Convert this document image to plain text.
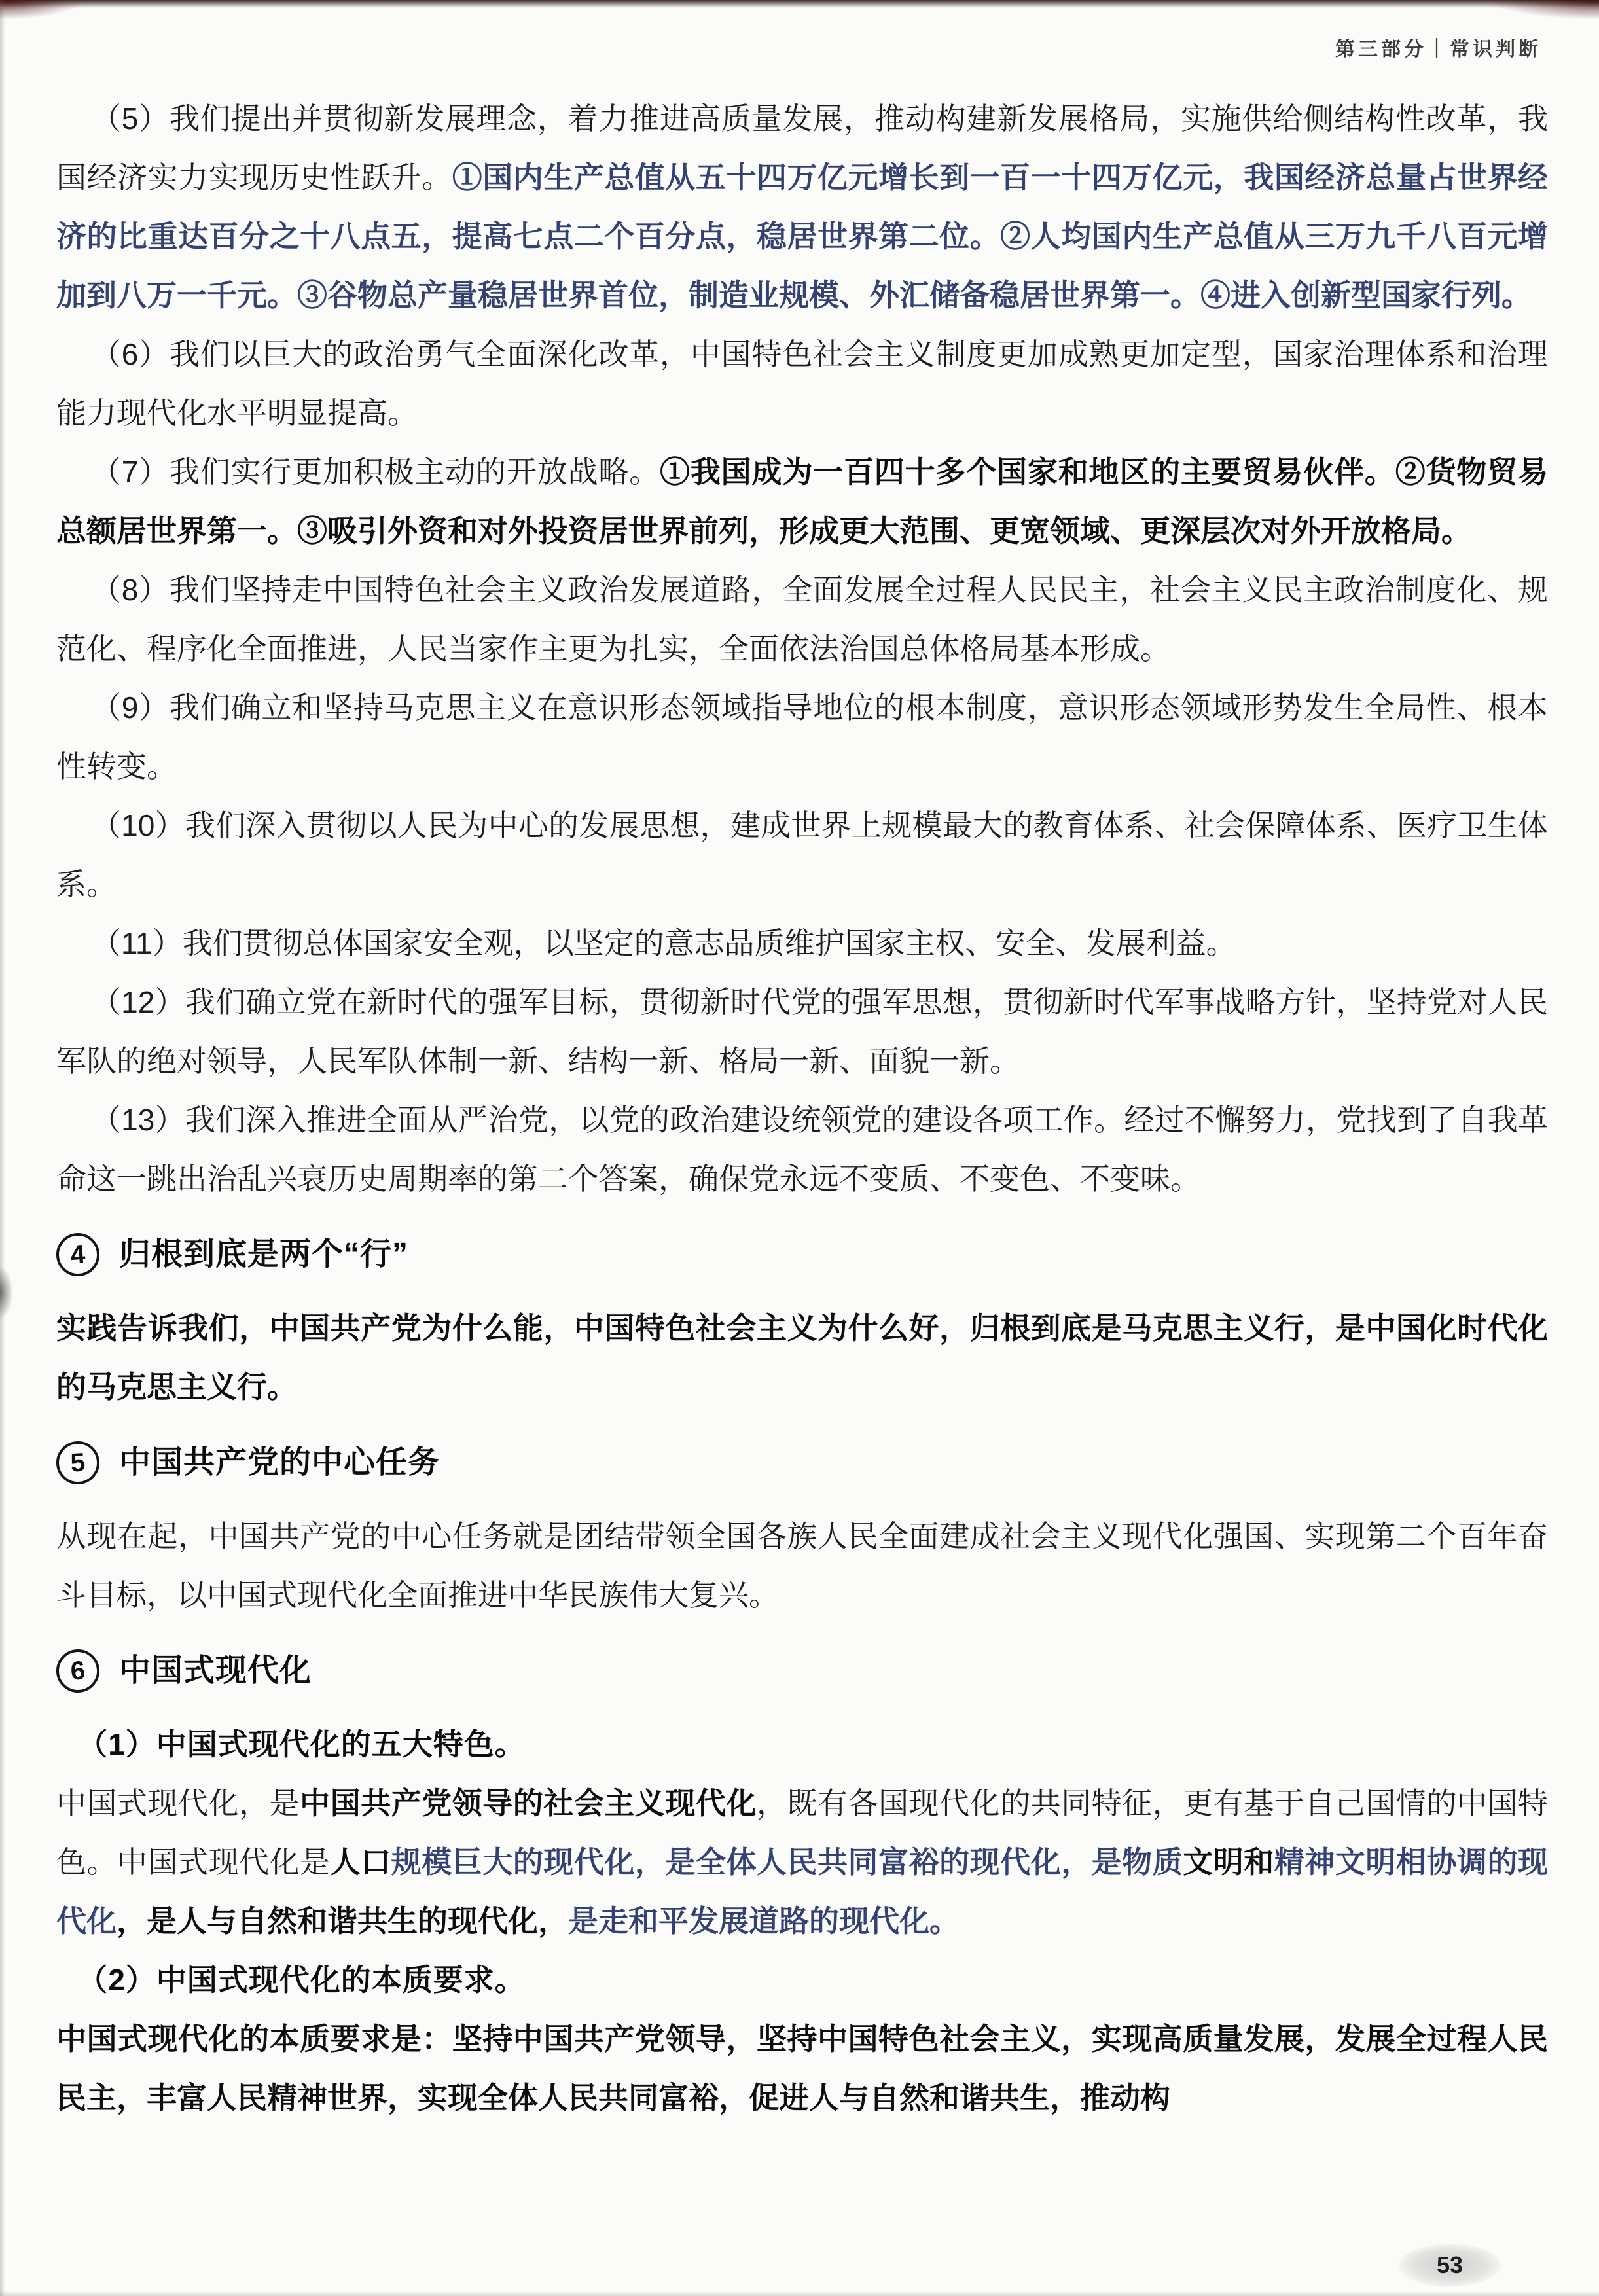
第三部分｜常识判断

（5）我们提出并贯彻新发展理念，着力推进高质量发展，推动构建新发展格局，实施供给侧结构性改革，我国经济实力实现历史性跃升。①国内生产总值从五十四万亿元增长到一百一十四万亿元，我国经济总量占世界经济的比重达百分之十八点五，提高七点二个百分点，稳居世界第二位。②人均国内生产总值从三万九千八百元增加到八万一千元。③谷物总产量稳居世界首位，制造业规模、外汇储备稳居世界第一。④进入创新型国家行列。

（6）我们以巨大的政治勇气全面深化改革，中国特色社会主义制度更加成熟更加定型，国家治理体系和治理能力现代化水平明显提高。

（7）我们实行更加积极主动的开放战略。①我国成为一百四十多个国家和地区的主要贸易伙伴。②货物贸易总额居世界第一。③吸引外资和对外投资居世界前列，形成更大范围、更宽领域、更深层次对外开放格局。

（8）我们坚持走中国特色社会主义政治发展道路，全面发展全过程人民民主，社会主义民主政治制度化、规范化、程序化全面推进，人民当家作主更为扎实，全面依法治国总体格局基本形成。

（9）我们确立和坚持马克思主义在意识形态领域指导地位的根本制度，意识形态领域形势发生全局性、根本性转变。

（10）我们深入贯彻以人民为中心的发展思想，建成世界上规模最大的教育体系、社会保障体系、医疗卫生体系。

（11）我们贯彻总体国家安全观，以坚定的意志品质维护国家主权、安全、发展利益。

（12）我们确立党在新时代的强军目标，贯彻新时代党的强军思想，贯彻新时代军事战略方针，坚持党对人民军队的绝对领导，人民军队体制一新、结构一新、格局一新、面貌一新。

（13）我们深入推进全面从严治党，以党的政治建设统领党的建设各项工作。经过不懈努力，党找到了自我革命这一跳出治乱兴衰历史周期率的第二个答案，确保党永远不变质、不变色、不变味。

4	归根到底是两个“行”

实践告诉我们，中国共产党为什么能，中国特色社会主义为什么好，归根到底是马克思主义行，是中国化时代化的马克思主义行。

5	中国共产党的中心任务

从现在起，中国共产党的中心任务就是团结带领全国各族人民全面建成社会主义现代化强国、实现第二个百年奋斗目标，以中国式现代化全面推进中华民族伟大复兴。

6	中国式现代化
（1）中国式现代化的五大特色。

中国式现代化，是中国共产党领导的社会主义现代化，既有各国现代化的共同特征，更有基于自己国情的中国特色。中国式现代化是人口规模巨大的现代化，是全体人民共同富裕的现代化，是物质文明和精神文明相协调的现代化，是人与自然和谐共生的现代化，是走和平发展道路的现代化。

（2）中国式现代化的本质要求。

中国式现代化的本质要求是：坚持中国共产党领导，坚持中国特色社会主义，实现高质量发展，发展全过程人民民主，丰富人民精神世界，实现全体人民共同富裕，促进人与自然和谐共生，推动构

53
